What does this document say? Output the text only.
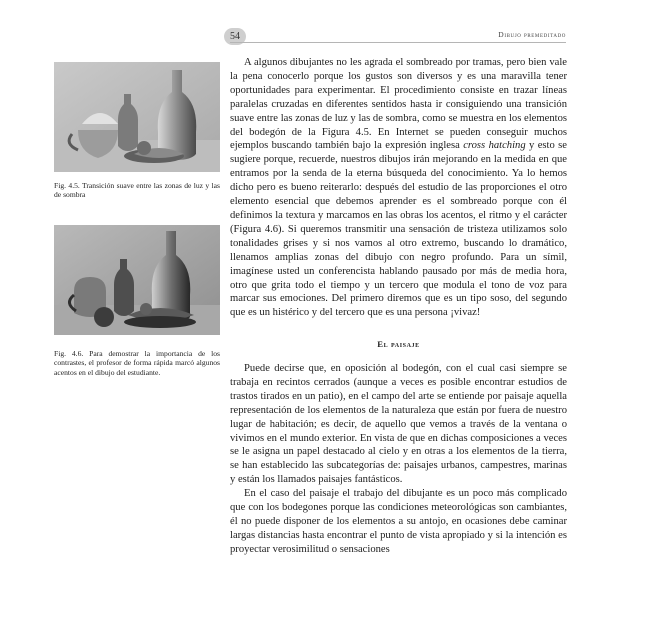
54	Dibujo premeditado
Fig. 4.5. Transición suave entre las zonas de luz y las de sombra
Fig. 4.6. Para demostrar la importancia de los contrastes, el profesor de forma rápida marcó algunos acentos en el dibujo del estudiante.

A algunos dibujantes no les agrada el sombreado por tramas, pero bien vale la pena conocerlo porque los gustos son diversos y es una maravilla tener oportunidades para experimentar. El procedimiento consiste en trazar líneas paralelas cruzadas en diferentes sentidos hasta ir consiguiendo una transición suave entre las zonas de luz y las de sombra, como se muestra en los elementos del bodegón de la Figura 4.5. En Internet se pueden conseguir muchos ejemplos buscando también bajo la expresión inglesa cross hatching y esto se sugiere porque, recuerde, nuestros dibujos irán mejorando en la medida en que entramos por la senda de la eterna búsqueda del conocimiento. Ya lo hemos dicho pero es bueno reiterarlo: después del estudio de las proporciones el otro elemento esencial que debemos aprender es el sombreado porque con él definimos la textura y marcamos en las obras los acentos, el ritmo y el carácter (Figura 4.6). Si queremos transmitir una sensación de tristeza utilizamos solo tonalidades grises y si nos vamos al otro extremo, buscando lo dramático, llenamos amplias zonas del dibujo con negro profundo. Para un símil, imagínese usted un conferencista hablando pausado por más de media hora, otro que grita todo el tiempo y un tercero que modula el tono de voz para marcar sus emociones. Del primero diremos que es un tipo soso, del segundo que es un histérico y del tercero que es una persona ¡vivaz!

El paisaje

Puede decirse que, en oposición al bodegón, con el cual casi siempre se trabaja en recintos cerrados (aunque a veces es posible encontrar estudios de trastos tirados en un patio), en el campo del arte se entiende por paisaje aquella representación de los elementos de la naturaleza que están por fuera de nuestro lugar de habitación; es decir, de aquello que vemos a través de la ventana o vivimos en el mundo exterior. En vista de que en dichas composiciones a veces se le asigna un papel destacado al cielo y en otras a los elementos de la tierra, se han establecido las subcategorías de: paisajes urbanos, campestres, marinas y están los llamados paisajes fantásticos.

En el caso del paisaje el trabajo del dibujante es un poco más complicado que con los bodegones porque las condiciones meteorológicas son cambiantes, él no puede disponer de los elementos a su antojo, en ocasiones debe caminar largas distancias hasta encontrar el punto de vista apropiado y si la intención es proyectar verosimilitud o sensaciones
